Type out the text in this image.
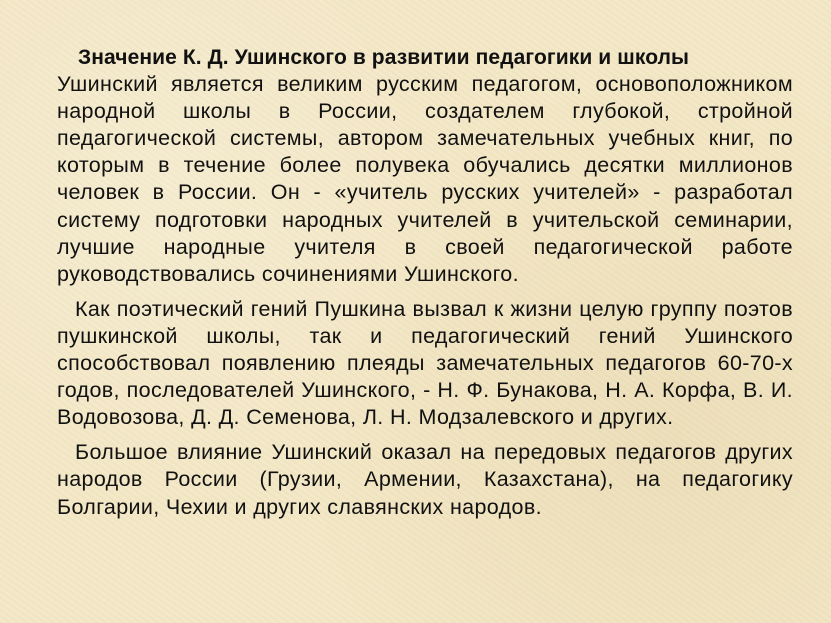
Значение К. Д. Ушинского в развитии педагогики и школы

Ушинский является великим русским педагогом, основоположником народной школы в России, создателем глубокой, стройной педагогической системы, автором замечательных учебных книг, по которым в течение более полувека обучались десятки миллионов человек в России. Он - «учитель русских учителей» - разработал систему подготовки народных учителей в учительской семинарии, лучшие народные учителя в своей педагогической работе руководствовались сочинениями Ушинского.

Как поэтический гений Пушкина вызвал к жизни целую группу поэтов пушкинской школы, так и педагогический гений Ушинского способствовал появлению плеяды замечательных педагогов 60-70-х годов, последователей Ушинского, - Н. Ф. Бунакова, Н. А. Корфа, В. И. Водовозова, Д. Д. Семенова, Л. Н. Модзалевского и других.

Большое влияние Ушинский оказал на передовых педагогов других народов России (Грузии, Армении, Казахстана), на педагогику Болгарии, Чехии и других славянских народов.
